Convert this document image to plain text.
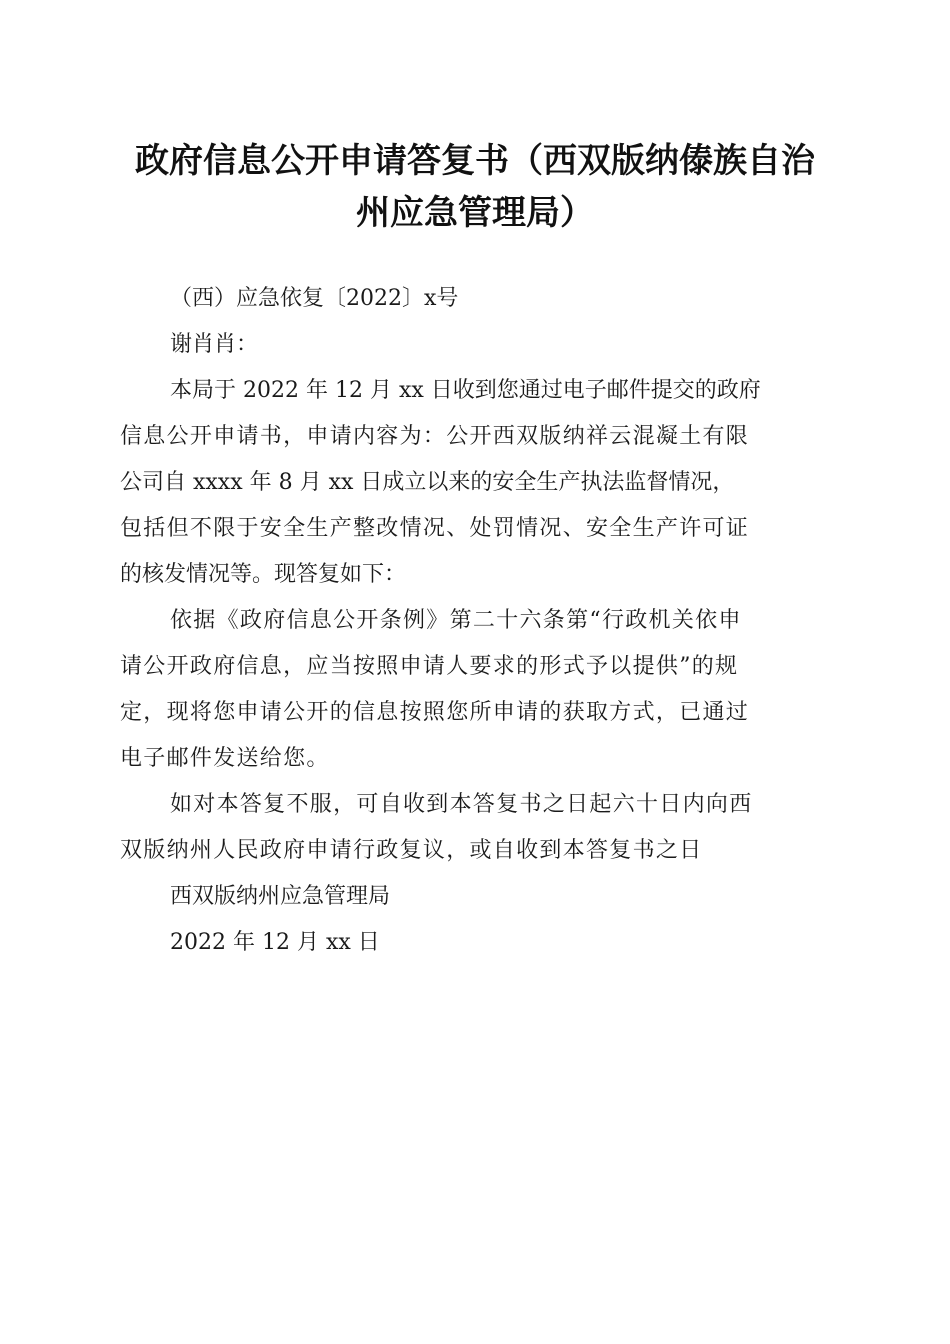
政府信息公开申请答复书（西双版纳傣族自治
州应急管理局）
（西）应急依复〔2022〕x号
谢肖肖：
本局于 2022 年 12 月 xx 日收到您通过电子邮件提交的政府
信息公开申请书，申请内容为：公开西双版纳祥云混凝土有限
公司自 xxxx 年 8 月 xx 日成立以来的安全生产执法监督情况，
包括但不限于安全生产整改情况、处罚情况、安全生产许可证
的核发情况等。现答复如下：
依据《政府信息公开条例》第二十六条第“行政机关依申
请公开政府信息，应当按照申请人要求的形式予以提供”的规
定，现将您申请公开的信息按照您所申请的获取方式，已通过
电子邮件发送给您。
如对本答复不服，可自收到本答复书之日起六十日内向西
双版纳州人民政府申请行政复议，或自收到本答复书之日
西双版纳州应急管理局
2022 年 12 月 xx 日
